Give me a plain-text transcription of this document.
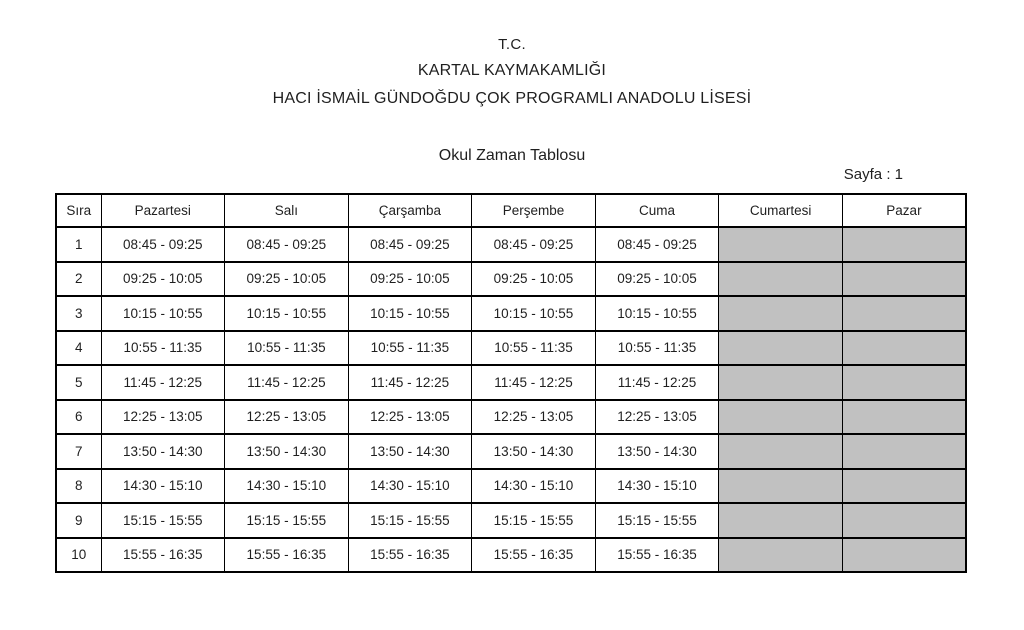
T.C.
KARTAL KAYMAKAMLIĞI
HACI İSMAİL GÜNDOĞDU ÇOK PROGRAMLI ANADOLU LİSESİ
Okul Zaman Tablosu
Sayfa : 1
Sıra	Pazartesi	Salı	Çarşamba	Perşembe	Cuma	Cumartesi	Pazar
1	08:45 - 09:25	08:45 - 09:25	08:45 - 09:25	08:45 - 09:25	08:45 - 09:25		
2	09:25 - 10:05	09:25 - 10:05	09:25 - 10:05	09:25 - 10:05	09:25 - 10:05		
3	10:15 - 10:55	10:15 - 10:55	10:15 - 10:55	10:15 - 10:55	10:15 - 10:55		
4	10:55 - 11:35	10:55 - 11:35	10:55 - 11:35	10:55 - 11:35	10:55 - 11:35		
5	11:45 - 12:25	11:45 - 12:25	11:45 - 12:25	11:45 - 12:25	11:45 - 12:25		
6	12:25 - 13:05	12:25 - 13:05	12:25 - 13:05	12:25 - 13:05	12:25 - 13:05		
7	13:50 - 14:30	13:50 - 14:30	13:50 - 14:30	13:50 - 14:30	13:50 - 14:30		
8	14:30 - 15:10	14:30 - 15:10	14:30 - 15:10	14:30 - 15:10	14:30 - 15:10		
9	15:15 - 15:55	15:15 - 15:55	15:15 - 15:55	15:15 - 15:55	15:15 - 15:55		
10	15:55 - 16:35	15:55 - 16:35	15:55 - 16:35	15:55 - 16:35	15:55 - 16:35		
